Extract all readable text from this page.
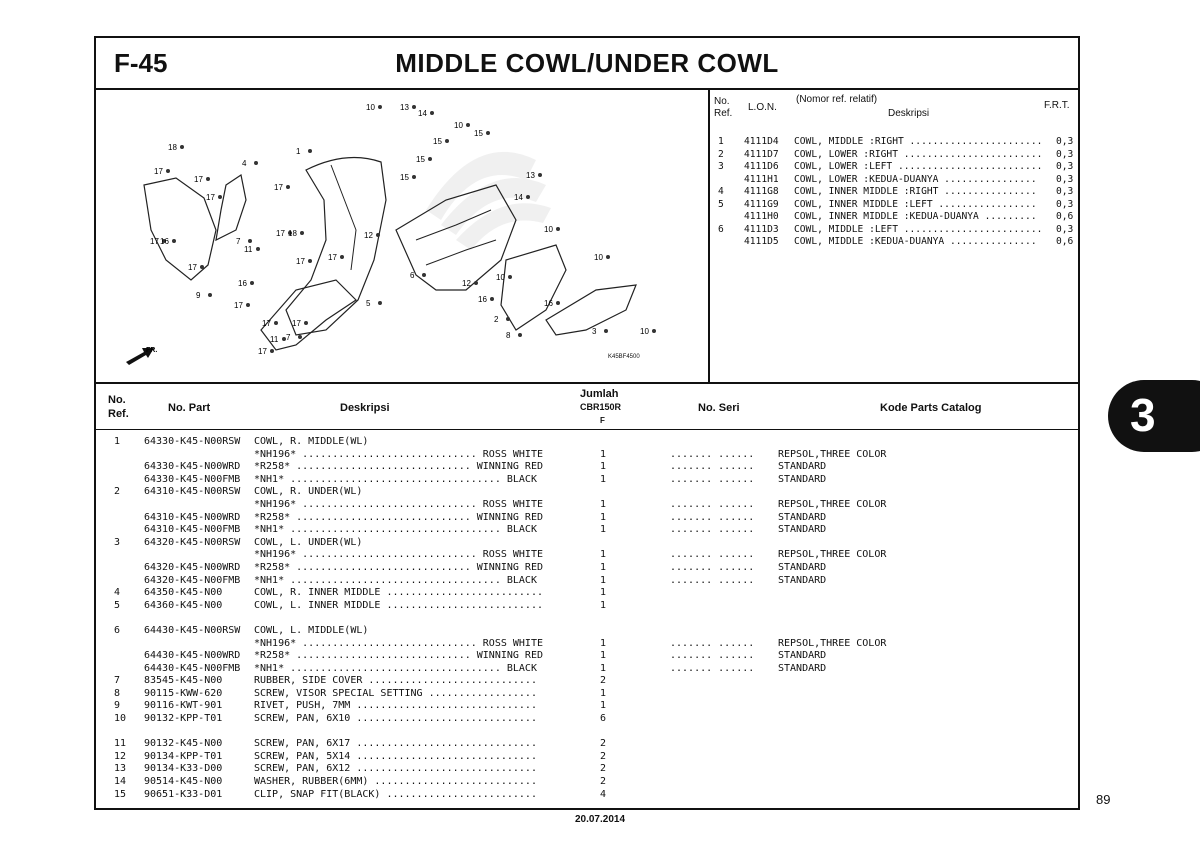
F-45	MIDDLE COWL/UNDER COWL
FR.
10	13
14
10
15
15
1
18
15
15	13
14
4
17
17
17
17
17 16	7
11
17 18	12
17
17
17
16
9
17	5
6
12
10
10
10
16	16
2
3	10
8
17	17
11 7
17
K45BF4500
No.
Ref.
L.O.N.
(Nomor ref. relatif)
Deskripsi
F.R.T.
1 4111D4 COWL, MIDDLE :RIGHT ....................... 0,3
2 4111D7 COWL, LOWER :RIGHT ........................ 0,3
3 4111D6 COWL, LOWER :LEFT ......................... 0,3
4111H1 COWL, LOWER :KEDUA-DUANYA ................ 0,3
4 4111G8 COWL, INNER MIDDLE :RIGHT ................ 0,3
5 4111G9 COWL, INNER MIDDLE :LEFT ................. 0,3
4111H0 COWL, INNER MIDDLE :KEDUA-DUANYA ......... 0,6
6 4111D3 COWL, MIDDLE :LEFT ........................ 0,3
4111D5 COWL, MIDDLE :KEDUA-DUANYA ............... 0,6
No.
Ref.	No. Part	Deskripsi
Jumlah
CBR150R
F
No. Seri	Kode Parts Catalog
1 64330-K45-N00RSW COWL, R. MIDDLE(WL)
*NH196* ............................. ROSS WHITE	1	....... ...... REPSOL,THREE COLOR
64330-K45-N00WRD *R258* ............................. WINNING RED	1	....... ...... STANDARD
64330-K45-N00FMB *NH1* ................................... BLACK	1	....... ...... STANDARD
2 64310-K45-N00RSW COWL, R. UNDER(WL)
*NH196* ............................. ROSS WHITE	1	....... ...... REPSOL,THREE COLOR
64310-K45-N00WRD *R258* ............................. WINNING RED	1	....... ...... STANDARD
64310-K45-N00FMB *NH1* ................................... BLACK	1	....... ...... STANDARD
3 64320-K45-N00RSW COWL, L. UNDER(WL)
*NH196* ............................. ROSS WHITE	1	....... ...... REPSOL,THREE COLOR
64320-K45-N00WRD *R258* ............................. WINNING RED	1	....... ...... STANDARD
64320-K45-N00FMB *NH1* ................................... BLACK	1	....... ...... STANDARD
4 64350-K45-N00	COWL, R. INNER MIDDLE ..........................	1
5 64360-K45-N00	COWL, L. INNER MIDDLE ..........................	1
6 64430-K45-N00RSW COWL, L. MIDDLE(WL)
*NH196* ............................. ROSS WHITE	1	....... ...... REPSOL,THREE COLOR
64430-K45-N00WRD *R258* ............................. WINNING RED	1	....... ...... STANDARD
64430-K45-N00FMB *NH1* ................................... BLACK	1	....... ...... STANDARD
7 83545-K45-N00	RUBBER, SIDE COVER ............................	2
8 90115-KWW-620	SCREW, VISOR SPECIAL SETTING ..................	1
9 90116-KWT-901	RIVET, PUSH, 7MM ..............................	1
10 90132-KPP-T01	SCREW, PAN, 6X10 ..............................	6
11 90132-K45-N00	SCREW, PAN, 6X17 ..............................	2
12 90134-KPP-T01	SCREW, PAN, 5X14 ..............................	2
13 90134-K33-D00	SCREW, PAN, 6X12 ..............................	2
14 90514-K45-N00	WASHER, RUBBER(6MM) ...........................	2
15 90651-K33-D01	CLIP, SNAP FIT(BLACK) .........................	4
3
89
20.07.2014
